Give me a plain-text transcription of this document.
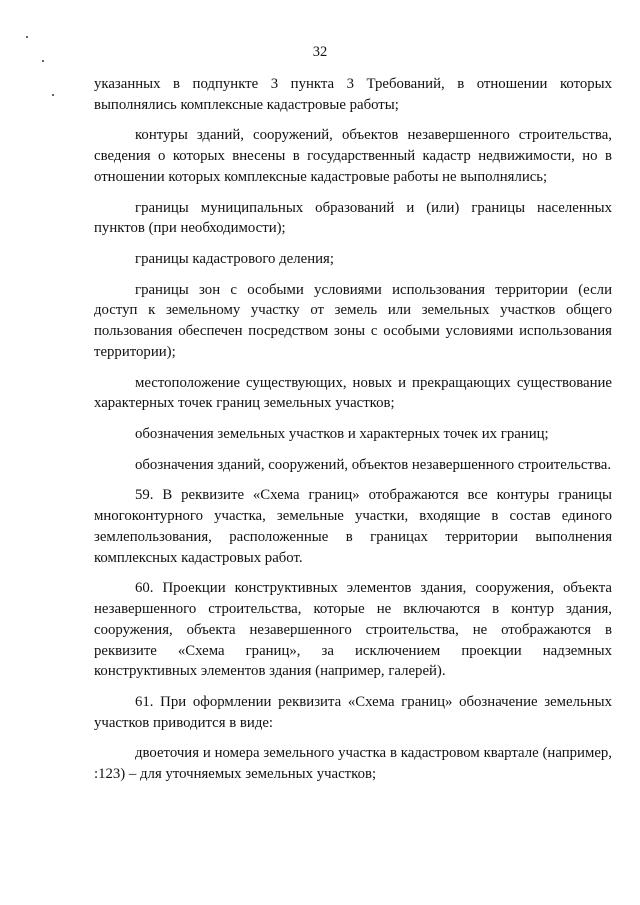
32

указанных в подпункте 3 пункта 3 Требований, в отношении которых выполнялись комплексные кадастровые работы;

контуры зданий, сооружений, объектов незавершенного строительства, сведения о которых внесены в государственный кадастр недвижимости, но в отношении которых комплексные кадастровые работы не выполнялись;

границы муниципальных образований и (или) границы населенных пунктов (при необходимости);

границы кадастрового деления;

границы зон с особыми условиями использования территории (если доступ к земельному участку от земель или земельных участков общего пользования обеспечен посредством зоны с особыми условиями использования территории);

местоположение существующих, новых и прекращающих существование характерных точек границ земельных участков;

обозначения земельных участков и характерных точек их границ;

обозначения зданий, сооружений, объектов незавершенного строительства.

59. В реквизите «Схема границ» отображаются все контуры границы многоконтурного участка, земельные участки, входящие в состав единого землепользования, расположенные в границах территории выполнения комплексных кадастровых работ.

60. Проекции конструктивных элементов здания, сооружения, объекта незавершенного строительства, которые не включаются в контур здания, сооружения, объекта незавершенного строительства, не отображаются в реквизите «Схема границ», за исключением проекции надземных конструктивных элементов здания (например, галерей).

61. При оформлении реквизита «Схема границ» обозначение земельных участков приводится в виде:

двоеточия и номера земельного участка в кадастровом квартале (например, :123) – для уточняемых земельных участков;
